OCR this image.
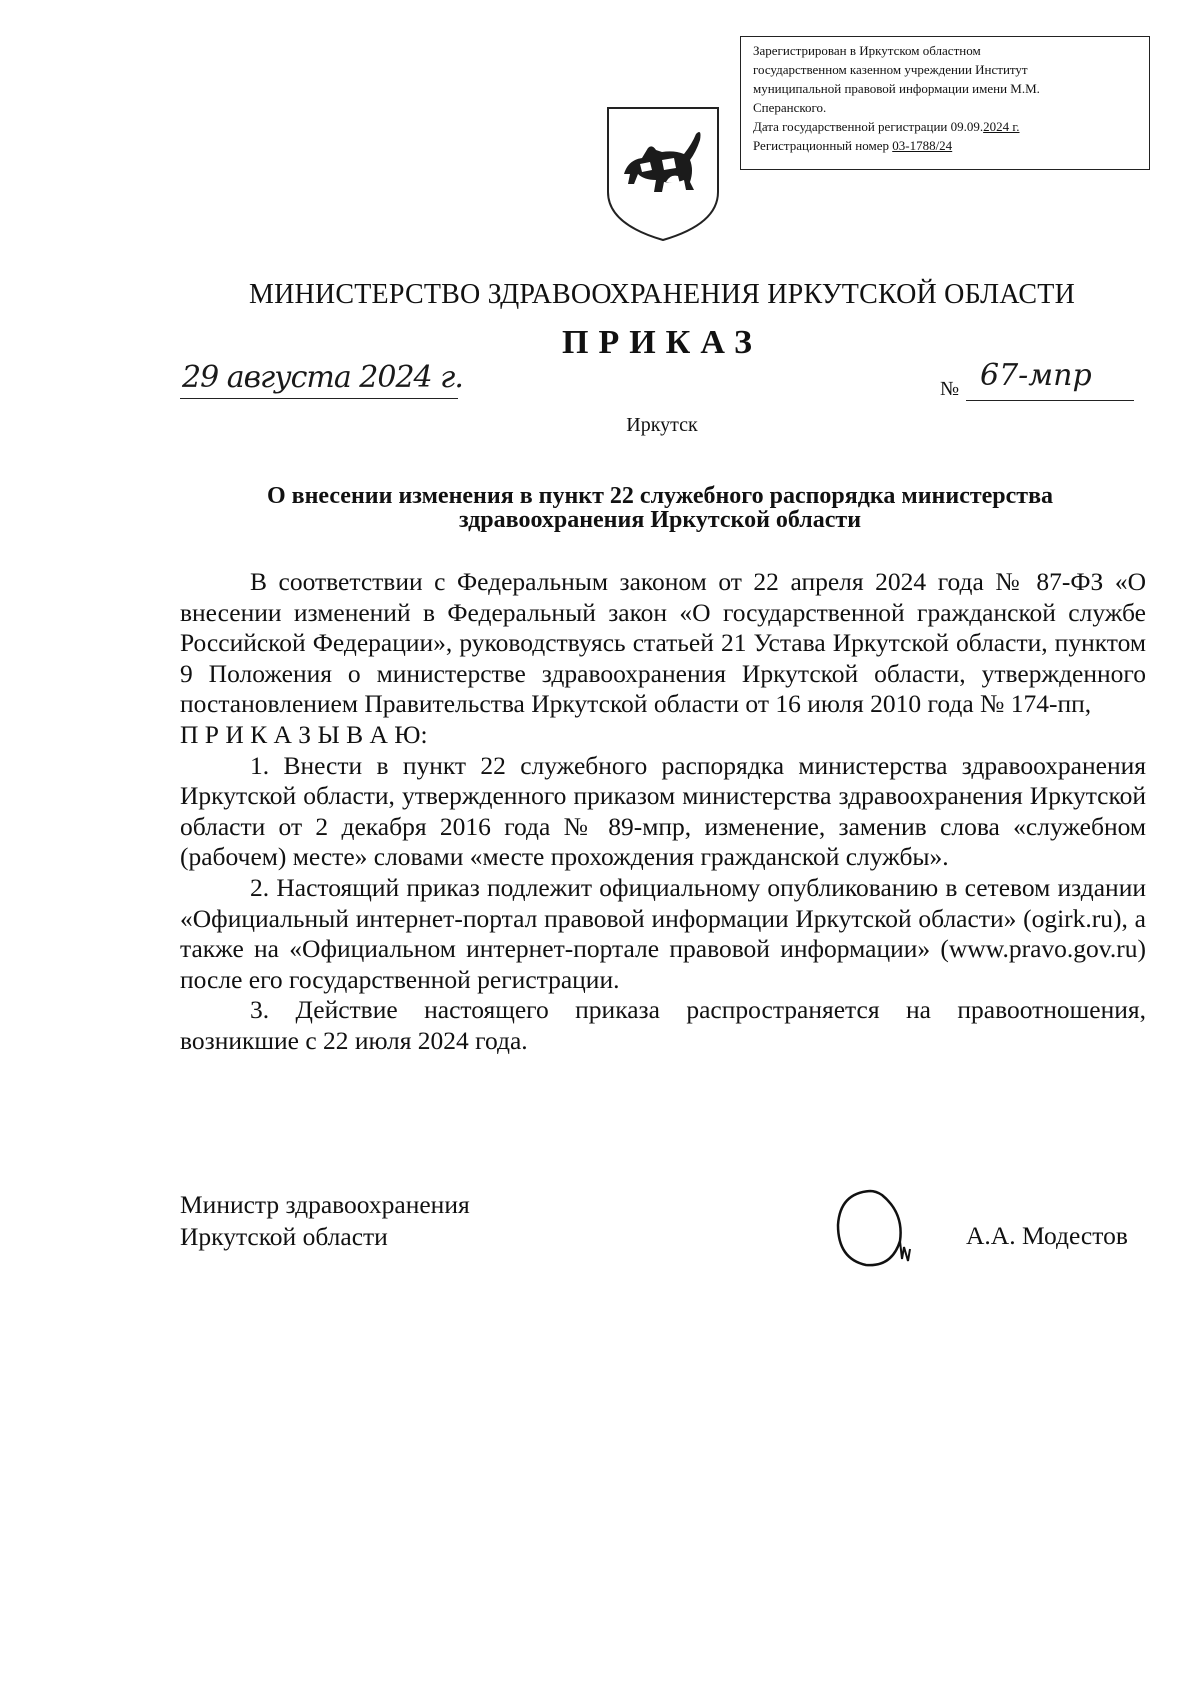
Зарегистрирован в Иркутском областном
государственном казенном учреждении Институт
муниципальной правовой информации имени М.М.
Сперанского.
Дата государственной регистрации 09.09.2024 г.
Регистрационный номер 03-1788/24
МИНИСТЕРСТВО ЗДРАВООХРАНЕНИЯ ИРКУТСКОЙ ОБЛАСТИ
ПРИКАЗ
29 августа 2024 г.	№ 67-мпр
Иркутск
О внесении изменения в пункт 22 служебного распорядка министерства здравоохранения Иркутской области

В соответствии с Федеральным законом от 22 апреля 2024 года № 87-ФЗ «О внесении изменений в Федеральный закон «О государственной гражданской службе Российской Федерации», руководствуясь статьей 21 Устава Иркутской области, пунктом 9 Положения о министерстве здравоохранения Иркутской области, утвержденного постановлением Правительства Иркутской области от 16 июля 2010 года № 174-пп,

П Р И К А З Ы В А Ю:

1. Внести в пункт 22 служебного распорядка министерства здравоохранения Иркутской области, утвержденного приказом министерства здравоохранения Иркутской области от 2 декабря 2016 года № 89-мпр, изменение, заменив слова «служебном (рабочем) месте» словами «месте прохождения гражданской службы».

2. Настоящий приказ подлежит официальному опубликованию в сетевом издании «Официальный интернет-портал правовой информации Иркутской области» (ogirk.ru), а также на «Официальном интернет-портале правовой информации» (www.pravo.gov.ru) после его государственной регистрации.

3. Действие настоящего приказа распространяется на правоотношения, возникшие с 22 июля 2024 года.

Министр здравоохранения
Иркутской области	А.А. Модестов
